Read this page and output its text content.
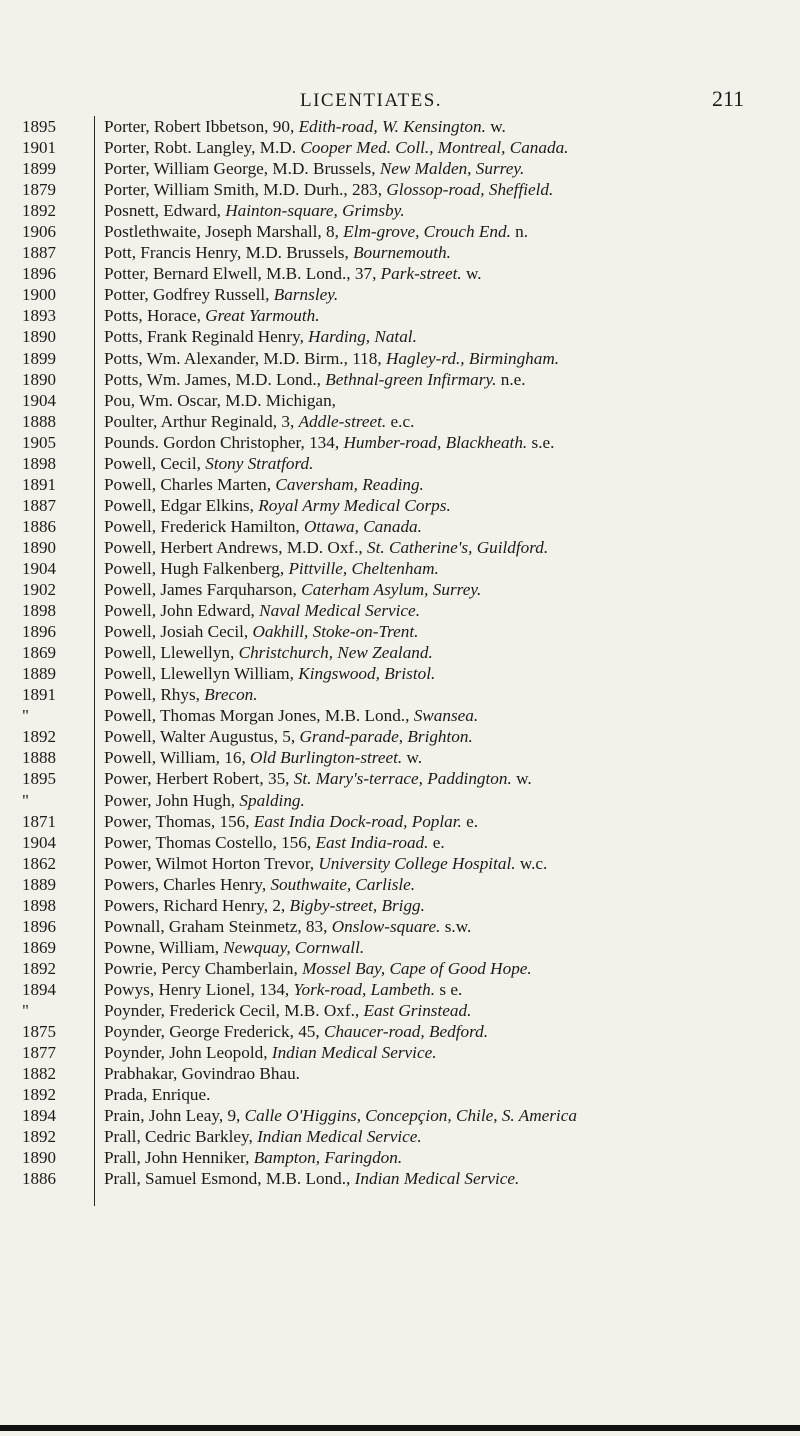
LICENTIATES.	211
1895	Porter, Robert Ibbetson, 90, Edith-road, W. Kensington. w.
1901	Porter, Robt. Langley, M.D. Cooper Med. Coll., Montreal, Canada.
1899	Porter, William George, M.D. Brussels, New Malden, Surrey.
1879	Porter, William Smith, M.D. Durh., 283, Glossop-road, Sheffield.
1892	Posnett, Edward, Hainton-square, Grimsby.
1906	Postlethwaite, Joseph Marshall, 8, Elm-grove, Crouch End. n.
1887	Pott, Francis Henry, M.D. Brussels, Bournemouth.
1896	Potter, Bernard Elwell, M.B. Lond., 37, Park-street. w.
1900	Potter, Godfrey Russell, Barnsley.
1893	Potts, Horace, Great Yarmouth.
1890	Potts, Frank Reginald Henry, Harding, Natal.
1899	Potts, Wm. Alexander, M.D. Birm., 118, Hagley-rd., Birmingham.
1890	Potts, Wm. James, M.D. Lond., Bethnal-green Infirmary. n.e.
1904	Pou, Wm. Oscar, M.D. Michigan,
1888	Poulter, Arthur Reginald, 3, Addle-street. e.c.
1905	Pounds. Gordon Christopher, 134, Humber-road, Blackheath. s.e.
1898	Powell, Cecil, Stony Stratford.
1891	Powell, Charles Marten, Caversham, Reading.
1887	Powell, Edgar Elkins, Royal Army Medical Corps.
1886	Powell, Frederick Hamilton, Ottawa, Canada.
1890	Powell, Herbert Andrews, M.D. Oxf., St. Catherine's, Guildford.
1904	Powell, Hugh Falkenberg, Pittville, Cheltenham.
1902	Powell, James Farquharson, Caterham Asylum, Surrey.
1898	Powell, John Edward, Naval Medical Service.
1896	Powell, Josiah Cecil, Oakhill, Stoke-on-Trent.
1869	Powell, Llewellyn, Christchurch, New Zealand.
1889	Powell, Llewellyn William, Kingswood, Bristol.
1891	Powell, Rhys, Brecon.
"	Powell, Thomas Morgan Jones, M.B. Lond., Swansea.
1892	Powell, Walter Augustus, 5, Grand-parade, Brighton.
1888	Powell, William, 16, Old Burlington-street. w.
1895	Power, Herbert Robert, 35, St. Mary's-terrace, Paddington. w.
"	Power, John Hugh, Spalding.
1871	Power, Thomas, 156, East India Dock-road, Poplar. e.
1904	Power, Thomas Costello, 156, East India-road. e.
1862	Power, Wilmot Horton Trevor, University College Hospital. w.c.
1889	Powers, Charles Henry, Southwaite, Carlisle.
1898	Powers, Richard Henry, 2, Bigby-street, Brigg.
1896	Pownall, Graham Steinmetz, 83, Onslow-square. s.w.
1869	Powne, William, Newquay, Cornwall.
1892	Powrie, Percy Chamberlain, Mossel Bay, Cape of Good Hope.
1894	Powys, Henry Lionel, 134, York-road, Lambeth. s e.
"	Poynder, Frederick Cecil, M.B. Oxf., East Grinstead.
1875	Poynder, George Frederick, 45, Chaucer-road, Bedford.
1877	Poynder, John Leopold, Indian Medical Service.
1882	Prabhakar, Govindrao Bhau.
1892	Prada, Enrique.
1894	Prain, John Leay, 9, Calle O'Higgins, Concepçion, Chile, S. America
1892	Prall, Cedric Barkley, Indian Medical Service.
1890	Prall, John Henniker, Bampton, Faringdon.
1886	Prall, Samuel Esmond, M.B. Lond., Indian Medical Service.
